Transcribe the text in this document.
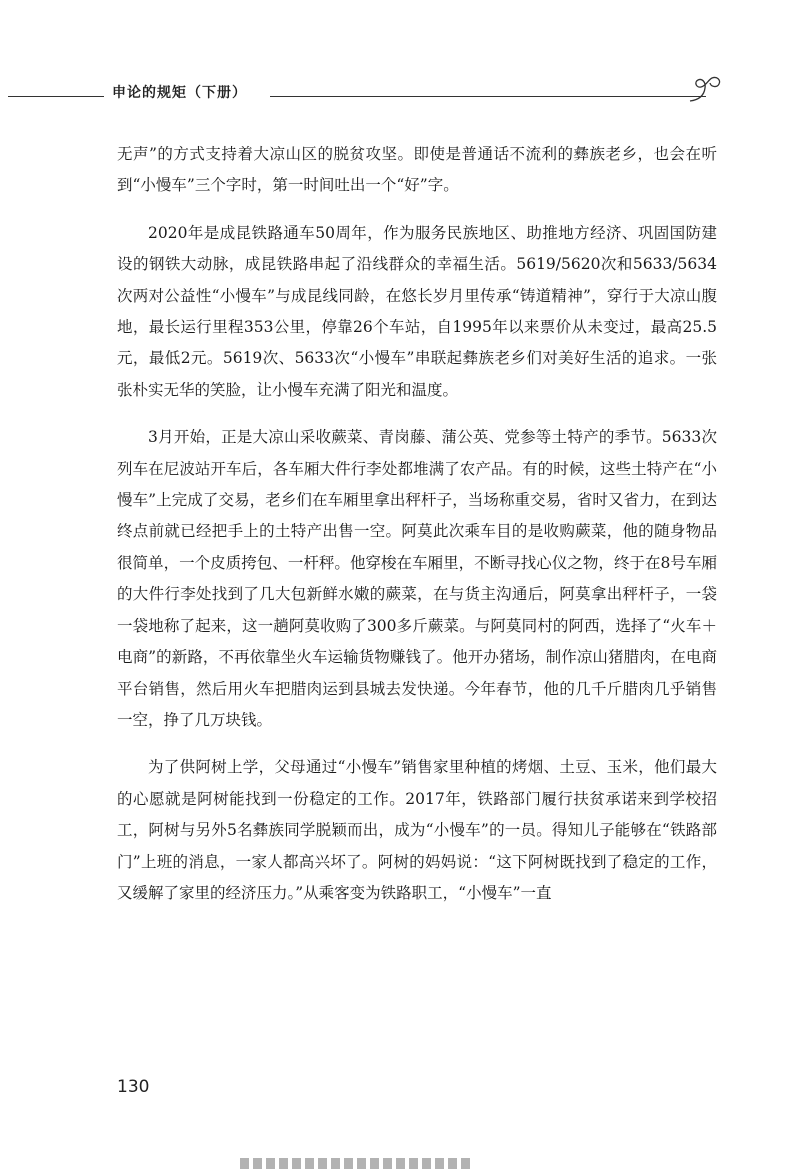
申论的规矩（下册）

无声”的方式支持着大凉山区的脱贫攻坚。即使是普通话不流利的彝族老乡，也会在听到“小慢车”三个字时，第一时间吐出一个“好”字。

2020年是成昆铁路通车50周年，作为服务民族地区、助推地方经济、巩固国防建设的钢铁大动脉，成昆铁路串起了沿线群众的幸福生活。5619/5620次和5633/5634次两对公益性“小慢车”与成昆线同龄，在悠长岁月里传承“铸道精神”，穿行于大凉山腹地，最长运行里程353公里，停靠26个车站，自1995年以来票价从未变过，最高25.5元，最低2元。5619次、5633次“小慢车”串联起彝族老乡们对美好生活的追求。一张张朴实无华的笑脸，让小慢车充满了阳光和温度。

3月开始，正是大凉山采收蕨菜、青岗藤、蒲公英、党参等土特产的季节。5633次列车在尼波站开车后，各车厢大件行李处都堆满了农产品。有的时候，这些土特产在“小慢车”上完成了交易，老乡们在车厢里拿出秤杆子，当场称重交易，省时又省力，在到达终点前就已经把手上的土特产出售一空。阿莫此次乘车目的是收购蕨菜，他的随身物品很简单，一个皮质挎包、一杆秤。他穿梭在车厢里，不断寻找心仪之物，终于在8号车厢的大件行李处找到了几大包新鲜水嫩的蕨菜，在与货主沟通后，阿莫拿出秤杆子，一袋一袋地称了起来，这一趟阿莫收购了300多斤蕨菜。与阿莫同村的阿西，选择了“火车＋电商”的新路，不再依靠坐火车运输货物赚钱了。他开办猪场，制作凉山猪腊肉，在电商平台销售，然后用火车把腊肉运到县城去发快递。今年春节，他的几千斤腊肉几乎销售一空，挣了几万块钱。

为了供阿树上学，父母通过“小慢车”销售家里种植的烤烟、土豆、玉米，他们最大的心愿就是阿树能找到一份稳定的工作。2017年，铁路部门履行扶贫承诺来到学校招工，阿树与另外5名彝族同学脱颖而出，成为“小慢车”的一员。得知儿子能够在“铁路部门”上班的消息，一家人都高兴坏了。阿树的妈妈说：“这下阿树既找到了稳定的工作，又缓解了家里的经济压力。”从乘客变为铁路职工，“小慢车”一直

130
